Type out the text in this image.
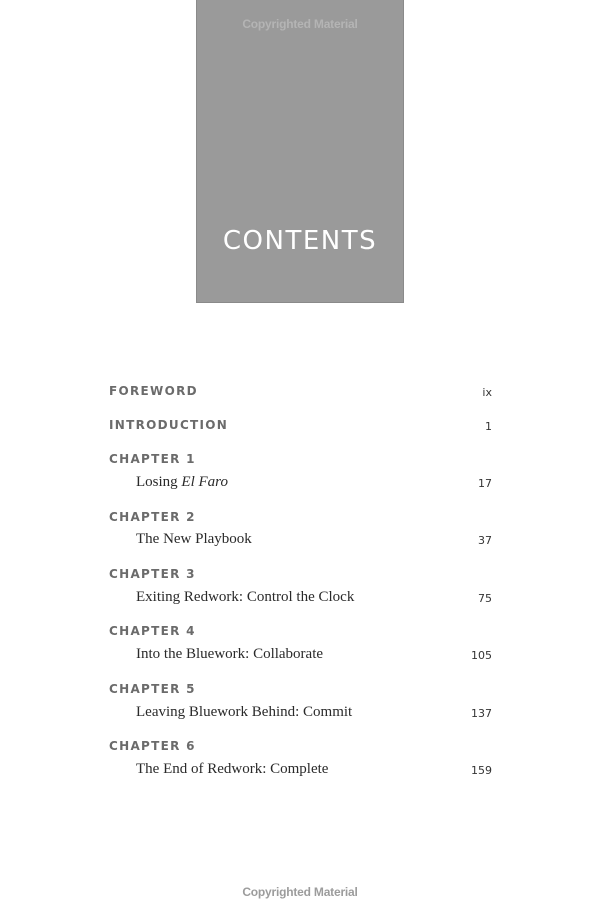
Copyrighted Material
CONTENTS
FOREWORD	ix
INTRODUCTION	1
CHAPTER 1
Losing El Faro	17
CHAPTER 2
The New Playbook	37
CHAPTER 3
Exiting Redwork: Control the Clock	75
CHAPTER 4
Into the Bluework: Collaborate	105
CHAPTER 5
Leaving Bluework Behind: Commit	137
CHAPTER 6
The End of Redwork: Complete	159
Copyrighted Material
